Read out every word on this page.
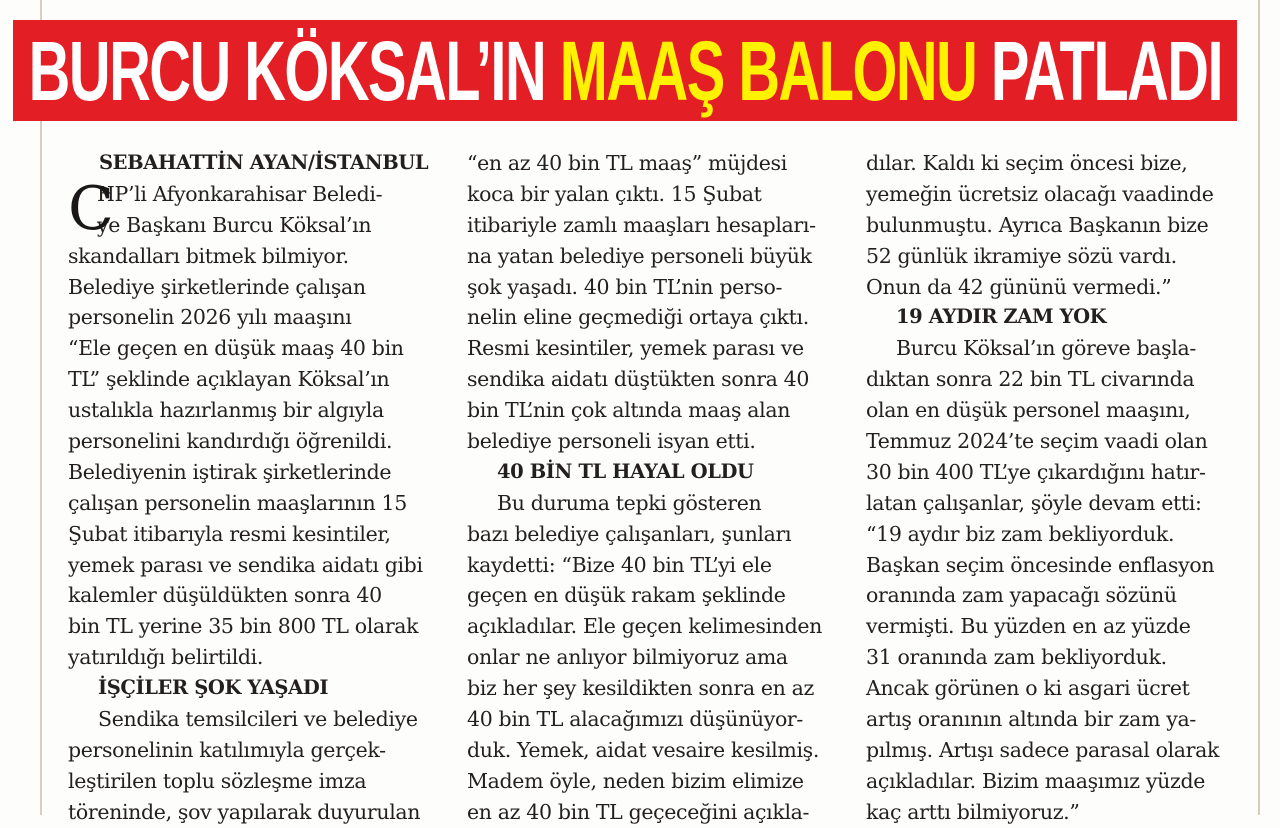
BURCU KÖKSAL’IN MAAŞ BALONU PATLADI
SEBAHATTİN AYAN/İSTANBUL
C
HP’li Afyonkarahisar Beledi-
ye Başkanı Burcu Köksal’ın
skandalları bitmek bilmiyor.
Belediye şirketlerinde çalışan
personelin 2026 yılı maaşını
“Ele geçen en düşük maaş 40 bin
TL” şeklinde açıklayan Köksal’ın
ustalıkla hazırlanmış bir algıyla
personelini kandırdığı öğrenildi.
Belediyenin iştirak şirketlerinde
çalışan personelin maaşlarının 15
Şubat itibarıyla resmi kesintiler,
yemek parası ve sendika aidatı gibi
kalemler düşüldükten sonra 40
bin TL yerine 35 bin 800 TL olarak
yatırıldığı belirtildi.
İŞÇİLER ŞOK YAŞADI
Sendika temsilcileri ve belediye
personelinin katılımıyla gerçek-
leştirilen toplu sözleşme imza
töreninde, şov yapılarak duyurulan
“en az 40 bin TL maaş” müjdesi
koca bir yalan çıktı. 15 Şubat
itibariyle zamlı maaşları hesapları-
na yatan belediye personeli büyük
şok yaşadı. 40 bin TL’nin perso-
nelin eline geçmediği ortaya çıktı.
Resmi kesintiler, yemek parası ve
sendika aidatı düştükten sonra 40
bin TL’nin çok altında maaş alan
belediye personeli isyan etti.
40 BİN TL HAYAL OLDU
Bu duruma tepki gösteren
bazı belediye çalışanları, şunları
kaydetti: “Bize 40 bin TL’yi ele
geçen en düşük rakam şeklinde
açıkladılar. Ele geçen kelimesinden
onlar ne anlıyor bilmiyoruz ama
biz her şey kesildikten sonra en az
40 bin TL alacağımızı düşünüyor-
duk. Yemek, aidat vesaire kesilmiş.
Madem öyle, neden bizim elimize
en az 40 bin TL geçeceğini açıkla-
dılar. Kaldı ki seçim öncesi bize,
yemeğin ücretsiz olacağı vaadinde
bulunmuştu. Ayrıca Başkanın bize
52 günlük ikramiye sözü vardı.
Onun da 42 gününü vermedi.”
19 AYDIR ZAM YOK
Burcu Köksal’ın göreve başla-
dıktan sonra 22 bin TL civarında
olan en düşük personel maaşını,
Temmuz 2024’te seçim vaadi olan
30 bin 400 TL’ye çıkardığını hatır-
latan çalışanlar, şöyle devam etti:
“19 aydır biz zam bekliyorduk.
Başkan seçim öncesinde enflasyon
oranında zam yapacağı sözünü
vermişti. Bu yüzden en az yüzde
31 oranında zam bekliyorduk.
Ancak görünen o ki asgari ücret
artış oranının altında bir zam ya-
pılmış. Artışı sadece parasal olarak
açıkladılar. Bizim maaşımız yüzde
kaç arttı bilmiyoruz.”
